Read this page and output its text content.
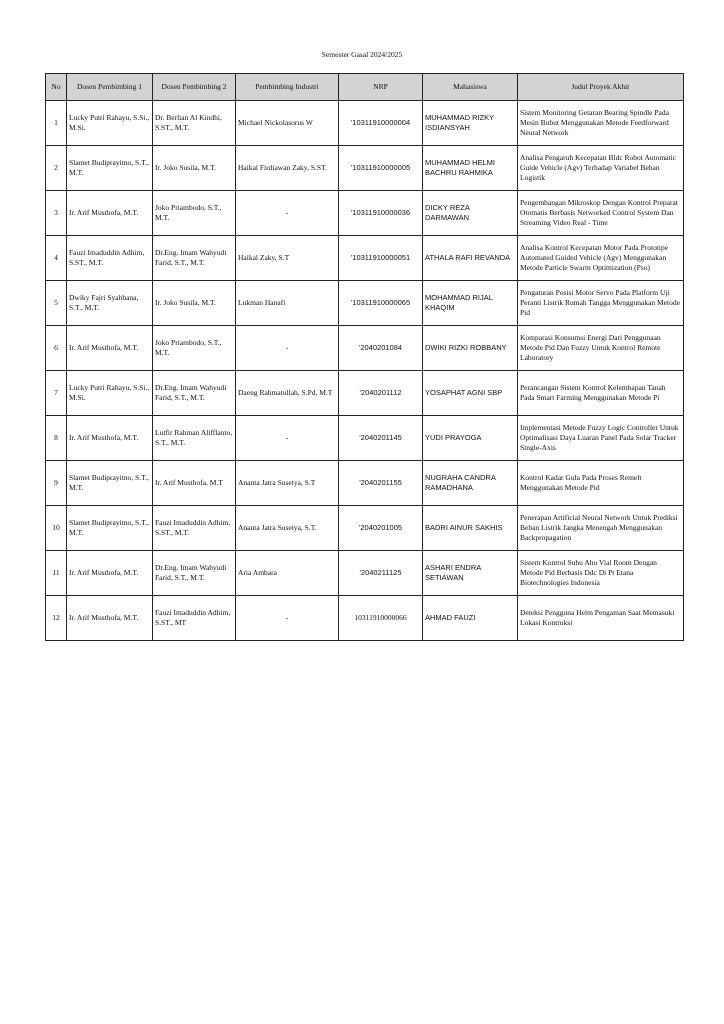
Semester Gasal 2024/2025
No	Dosen Pembimbing 1	Dosen Pembimbing 2	Pembimbing Industri	NRP	Mahasiswa	Judul Proyek Akhir
1	Lucky Putri Rahayu, S.Si., M.Si.	Dr. Berlian Al Kindhi, S.ST., M.T.	Michael Nickolasorus W	'10311910000004	MUHAMMAD RIZKY ISDIANSYAH	Sistem Monitoring Getaran Bearing Spindle Pada Mesin Bubut Menggunakan Metode Feedforward Neural Network
2	Slamet Budiprayitno, S.T., M.T.	Ir. Joko Susila, M.T.	Haikal Firdiawan Zaky, S.ST.	'10311910000005	MUHAMMAD HELMI BACHRU RAHMIKA	Analisa Pengaruh Kecepatan Bldc Robot Automatic Guide Vehicle (Agv) Terhadap Variabel Beban Logistik
3	Ir. Arif Musthofa, M.T.	Joko Priambodo, S.T., M.T.	-	'10311910000036	DICKY REZA DARMAWAN	Pengembangan Mikroskop Dengan Kontrol Preparat Otomatis Berbasis Networked Control System Dan Streaming Video Real - Time
4	Fauzi Imaduddin Adhim, S.ST., M.T.	Dr.Eng. Imam Wahyudi Farid, S.T., M.T.	Haikal Zaky, S.T	'10311910000051	ATHALA RAFI REVANDA	Analisa Kontrol Kecepatan Motor Pada Prototipe Automated Guided Vehicle (Agv) Menggunakan Metode Particle Swarm Optimization (Pso)
5	Dwiky Fajri Syahbana, S.T., M.T.	Ir. Joko Susila, M.T.	Lukman Hanafi	'10311910000065	MOHAMMAD RIJAL KHAQIM	Pengaturan Posisi Motor Servo Pada Platform Uji Peranti Listrik Rumah Tangga Menggunakan Metode Pid
6	Ir. Arif Musthofa, M.T.	Joko Priambodo, S.T., M.T.	-	'2040201084	DWIKI RIZKI ROBBANY	Komparasi Konsumsi Energi Dari Penggunaan Metode Pid Dan Fuzzy Untuk Kontrol Remote Laboratory
7	Lucky Putri Rahayu, S.Si., M.Si.	Dr.Eng. Imam Wahyudi Farid, S.T., M.T.	Daeng Rahmatullah, S.Pd, M.T	'2040201112	YOSAPHAT AGNI SBP	Perancangan Sistem Kontrol Kelembapan Tanah Pada Smart Farming Menggunakan Metode Pi
8	Ir. Arif Musthofa, M.T.	Lutfir Rahman Alifflanto, S.T., M.T.	-	'2040201145	YUDI PRAYOGA	Implementasi Metode Fuzzy Logic Controller Untuk Optimalisasi Daya Luaran Panel Pada Solar Tracker Single-Axis
9	Slamet Budiprayitno, S.T., M.T.	Ir. Arif Musthofa, M.T	Ananta Jatra Susetya, S.T	'2040201155	NUGRAHA CANDRA RAMADHANA	Kontrol Kadar Gula Pada Proses Remelt Menggunakan Metode Pid
10	Slamet Budiprayitno, S.T., M.T.	Fauzi Imaduddin Adhim, S.ST., M.T.	Ananta Jatra Susetya, S.T.	'2040201005	BADRI AINUR SAKHIS	Penerapan Artificial Neural Network Untuk Prediksi Beban Listrik Jangka Menengah Menggunakan Backpropagation
11	Ir. Arif Musthofa, M.T.	Dr.Eng. Imam Wahyudi Farid, S.T., M.T.	Aria Ambara	'2040211125	ASHARI ENDRA SETIAWAN	Sistem Kontrol Suhu Ahu Vial Room Dengan Metode Pid Berbasis Ddc Di Pt Etana Biotechnologies Indonesia
12	Ir. Arif Musthofa, M.T.	Fauzi Imaduddin Adhim, S.ST., MT	-	10311910000066	AHMAD FAUZI	Deteksi Pengguna Helm Pengaman Saat Memasuki Lokasi Kontruksi
